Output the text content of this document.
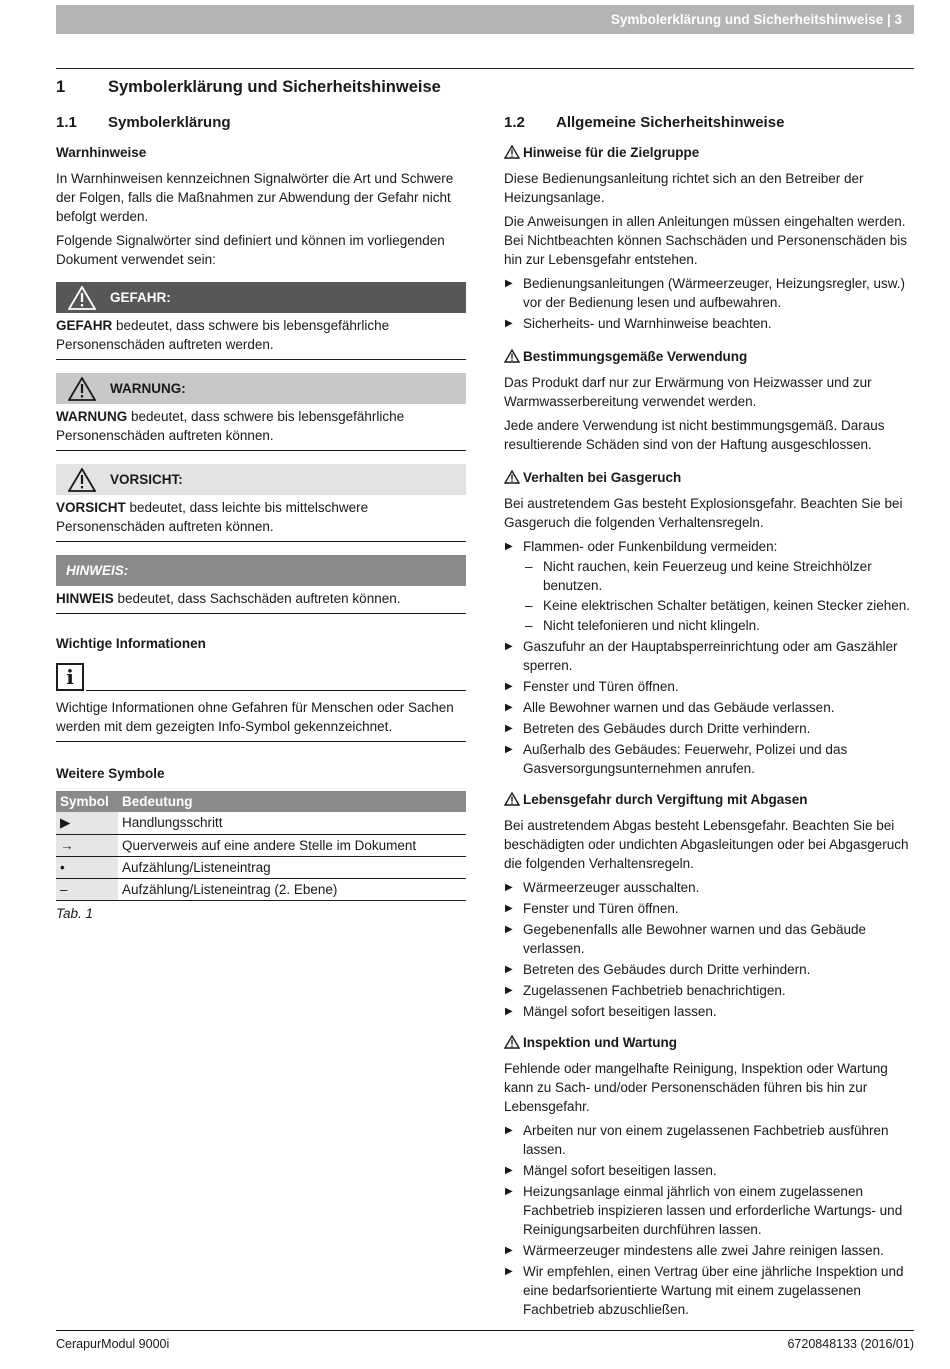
Symbolerklärung und Sicherheitshinweise | 3
1	Symbolerklärung und Sicherheitshinweise
1.1 Symbolerklärung
Warnhinweise

In Warnhinweisen kennzeichnen Signalwörter die Art und Schwere der Folgen, falls die Maßnahmen zur Abwendung der Gefahr nicht befolgt werden.

Folgende Signalwörter sind definiert und können im vorliegenden Dokument verwendet sein:

GEFAHR:
GEFAHR bedeutet, dass schwere bis lebensgefährliche Personenschäden auftreten werden.
WARNUNG:
WARNUNG bedeutet, dass schwere bis lebensgefährliche Personenschäden auftreten können.
VORSICHT:
VORSICHT bedeutet, dass leichte bis mittelschwere Personenschäden auftreten können.
HINWEIS:
HINWEIS bedeutet, dass Sachschäden auftreten können.
Wichtige Informationen
i
Wichtige Informationen ohne Gefahren für Menschen oder Sachen werden mit dem gezeigten Info-Symbol gekennzeichnet.
Weitere Symbole
Symbol	Bedeutung
▶	Handlungsschritt
→	Querverweis auf eine andere Stelle im Dokument
•	Aufzählung/Listeneintrag
–	Aufzählung/Listeneintrag (2. Ebene)
Tab. 1
1.2 Allgemeine Sicherheitshinweise
Hinweise für die Zielgruppe

Diese Bedienungsanleitung richtet sich an den Betreiber der Heizungsanlage.

Die Anweisungen in allen Anleitungen müssen eingehalten werden. Bei Nichtbeachten können Sachschäden und Personenschäden bis hin zur Lebensgefahr entstehen.

▶ Bedienungsanleitungen (Wärmeerzeuger, Heizungsregler, usw.) vor der Bedienung lesen und aufbewahren.
▶ Sicherheits- und Warnhinweise beachten.
Bestimmungsgemäße Verwendung

Das Produkt darf nur zur Erwärmung von Heizwasser und zur Warmwasserbereitung verwendet werden.

Jede andere Verwendung ist nicht bestimmungsgemäß. Daraus resultierende Schäden sind von der Haftung ausgeschlossen.

Verhalten bei Gasgeruch

Bei austretendem Gas besteht Explosionsgefahr. Beachten Sie bei Gasgeruch die folgenden Verhaltensregeln.

▶ Flammen- oder Funkenbildung vermeiden:
– Nicht rauchen, kein Feuerzeug und keine Streichhölzer benutzen.
– Keine elektrischen Schalter betätigen, keinen Stecker ziehen.
– Nicht telefonieren und nicht klingeln.
▶ Gaszufuhr an der Hauptabsperreinrichtung oder am Gaszähler sperren.
▶ Fenster und Türen öffnen.
▶ Alle Bewohner warnen und das Gebäude verlassen.
▶ Betreten des Gebäudes durch Dritte verhindern.
▶ Außerhalb des Gebäudes: Feuerwehr, Polizei und das Gasversorgungsunternehmen anrufen.
Lebensgefahr durch Vergiftung mit Abgasen

Bei austretendem Abgas besteht Lebensgefahr. Beachten Sie bei beschädigten oder undichten Abgasleitungen oder bei Abgasgeruch die folgenden Verhaltensregeln.

▶ Wärmeerzeuger ausschalten.
▶ Fenster und Türen öffnen.
▶ Gegebenenfalls alle Bewohner warnen und das Gebäude verlassen.
▶ Betreten des Gebäudes durch Dritte verhindern.
▶ Zugelassenen Fachbetrieb benachrichtigen.
▶ Mängel sofort beseitigen lassen.
Inspektion und Wartung

Fehlende oder mangelhafte Reinigung, Inspektion oder Wartung kann zu Sach- und/oder Personenschäden führen bis hin zur Lebensgefahr.

▶ Arbeiten nur von einem zugelassenen Fachbetrieb ausführen lassen.
▶ Mängel sofort beseitigen lassen.
▶ Heizungsanlage einmal jährlich von einem zugelassenen Fachbetrieb inspizieren lassen und erforderliche Wartungs- und Reinigungsarbeiten durchführen lassen.
▶ Wärmeerzeuger mindestens alle zwei Jahre reinigen lassen.
▶ Wir empfehlen, einen Vertrag über eine jährliche Inspektion und eine bedarfsorientierte Wartung mit einem zugelassenen Fachbetrieb abzuschließen.
CerapurModul 9000i	6720848133 (2016/01)
